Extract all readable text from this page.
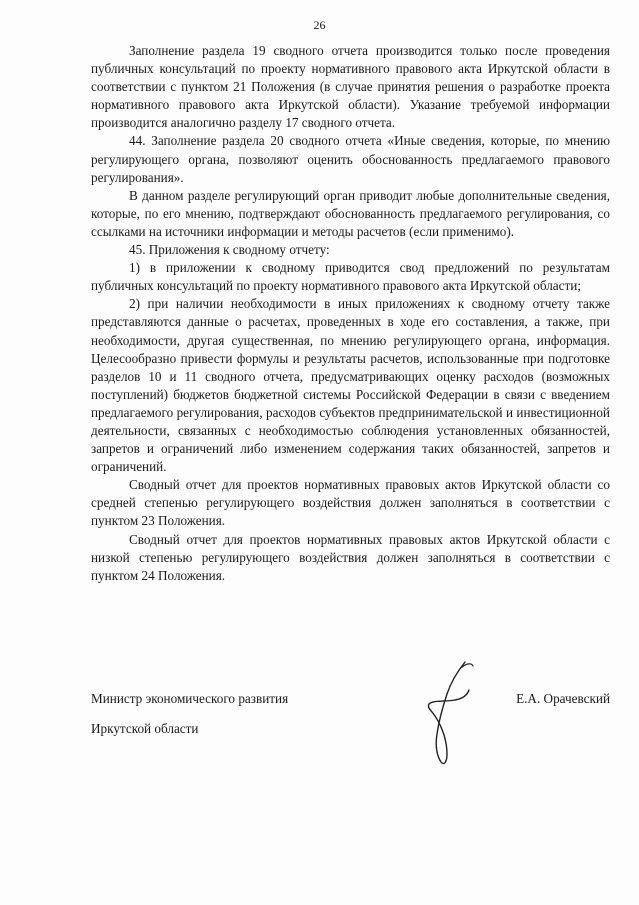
26

Заполнение раздела 19 сводного отчета производится только после проведения публичных консультаций по проекту нормативного правового акта Иркутской области в соответствии с пунктом 21 Положения (в случае принятия решения о разработке проекта нормативного правового акта Иркутской области). Указание требуемой информации производится аналогично разделу 17 сводного отчета.

44. Заполнение раздела 20 сводного отчета «Иные сведения, которые, по мнению регулирующего органа, позволяют оценить обоснованность предлагаемого правового регулирования».

В данном разделе регулирующий орган приводит любые дополнительные сведения, которые, по его мнению, подтверждают обоснованность предлагаемого регулирования, со ссылками на источники информации и методы расчетов (если применимо).

45. Приложения к сводному отчету:

1) в приложении к сводному приводится свод предложений по результатам публичных консультаций по проекту нормативного правового акта Иркутской области;

2) при наличии необходимости в иных приложениях к сводному отчету также представляются данные о расчетах, проведенных в ходе его составления, а также, при необходимости, другая существенная, по мнению регулирующего органа, информация. Целесообразно привести формулы и результаты расчетов, использованные при подготовке разделов 10 и 11 сводного отчета, предусматривающих оценку расходов (возможных поступлений) бюджетов бюджетной системы Российской Федерации в связи с введением предлагаемого регулирования, расходов субъектов предпринимательской и инвестиционной деятельности, связанных с необходимостью соблюдения установленных обязанностей, запретов и ограничений либо изменением содержания таких обязанностей, запретов и ограничений.

Сводный отчет для проектов нормативных правовых актов Иркутской области со средней степенью регулирующего воздействия должен заполняться в соответствии с пунктом 23 Положения.

Сводный отчет для проектов нормативных правовых актов Иркутской области с низкой степенью регулирующего воздействия должен заполняться в соответствии с пунктом 24 Положения.

Министр экономического развития

Иркутской области

Е.А. Орачевский
